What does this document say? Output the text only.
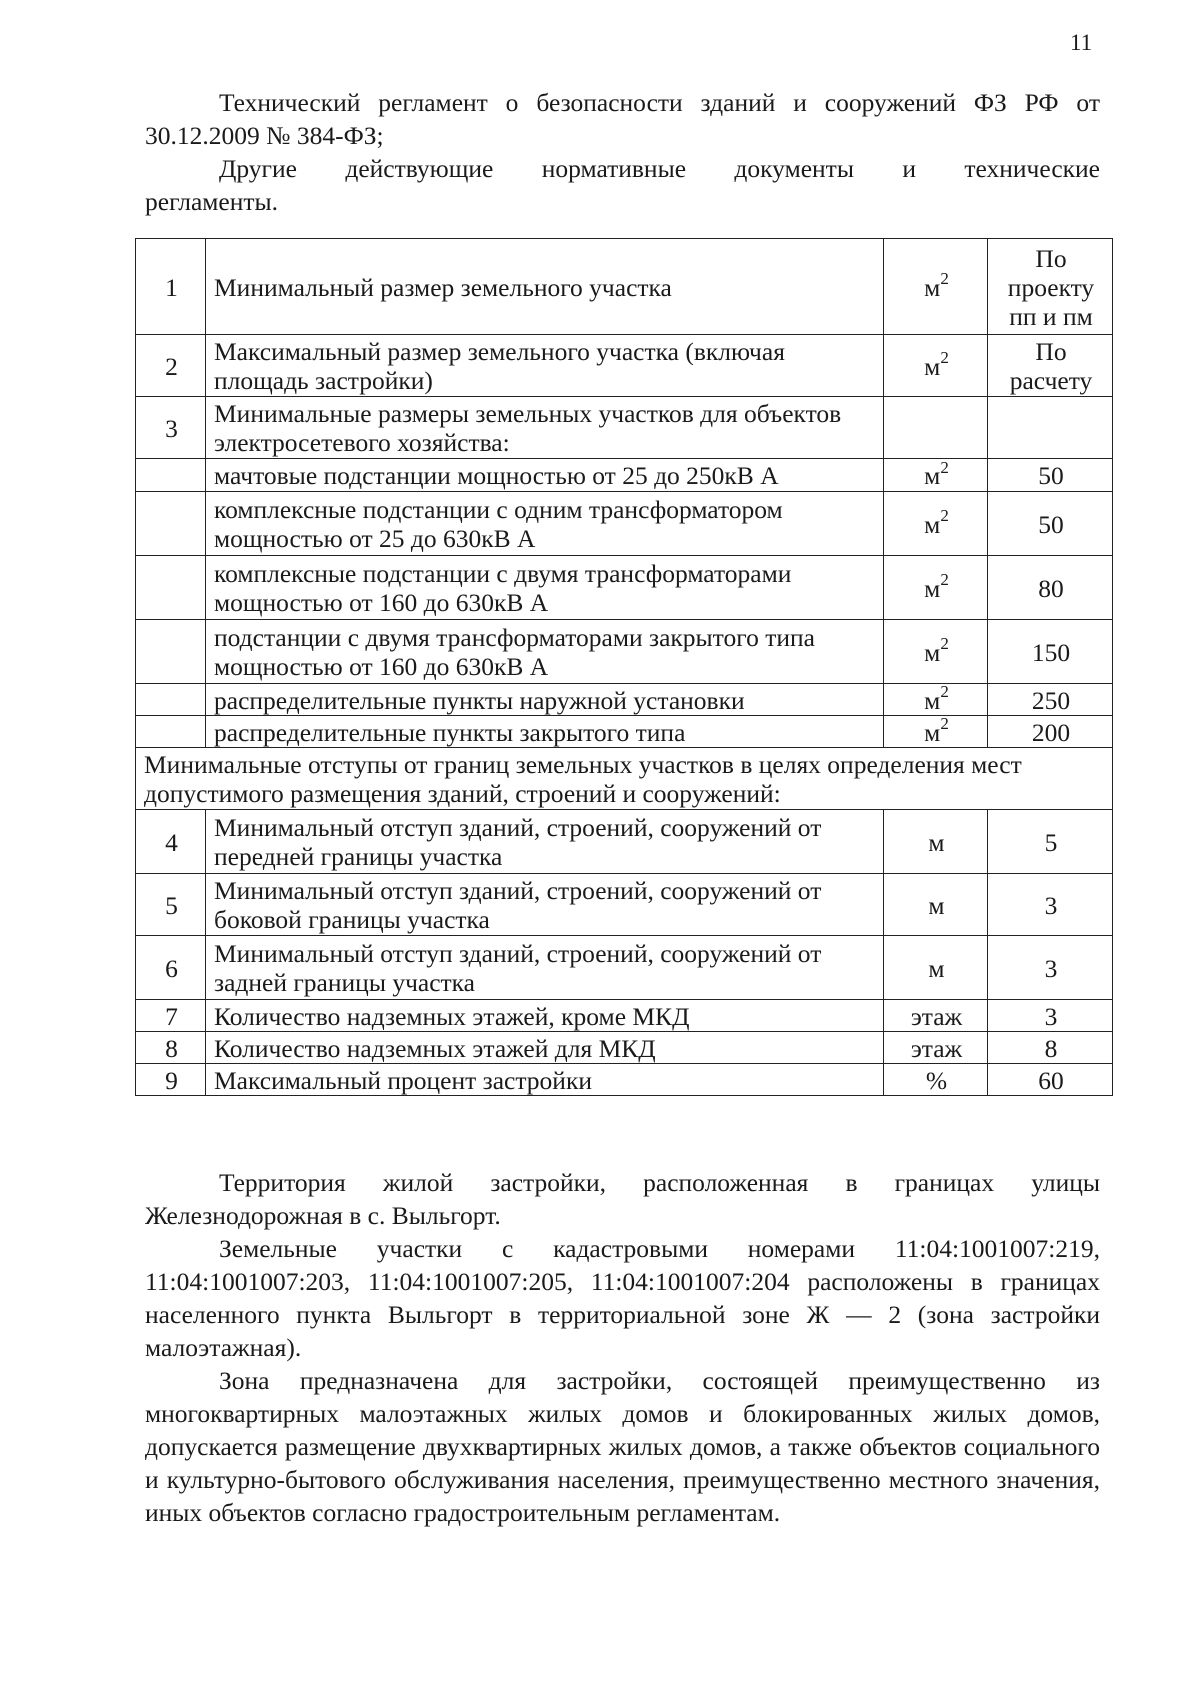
11

Технический регламент о безопасности зданий и сооружений ФЗ РФ от 30.12.2009 № 384-ФЗ;

Другие действующие нормативные документы и технические

регламенты.

1	Минимальный размер земельного участка	$м^2$	По проекту пп и пм
2	Максимальный размер земельного участка (включая площадь застройки)	$м^2$	По расчету
3	Минимальные размеры земельных участков для объектов электросетевого хозяйства:		
	мачтовые подстанции мощностью от 25 до 250кВ А	$м^2$	50
	комплексные подстанции с одним трансформатором мощностью от 25 до 630кВ А	$м^2$	50
	комплексные подстанции с двумя трансформаторами мощностью от 160 до 630кВ А	$м^2$	80
	подстанции с двумя трансформаторами закрытого типа мощностью от 160 до 630кВ А	$м^2$	150
	распределительные пункты наружной установки	$м^2$	250
	распределительные пункты закрытого типа	$м^2$	200
Минимальные отступы от границ земельных участков в целях определения мест допустимого размещения зданий, строений и сооружений:			
4	Минимальный отступ зданий, строений, сооружений от передней границы участка	м	5
5	Минимальный отступ зданий, строений, сооружений от боковой границы участка	м	3
6	Минимальный отступ зданий, строений, сооружений от задней границы участка	м	3
7	Количество надземных этажей, кроме МКД	этаж	3
8	Количество надземных этажей для МКД	этаж	8
9	Максимальный процент застройки	%	60

Территория жилой застройки, расположенная в границах улицы Железнодорожная в с. Выльгорт.

Земельные участки с кадастровыми номерами 11:04:1001007:219, 11:04:1001007:203, 11:04:1001007:205, 11:04:1001007:204 расположены в границах населенного пункта Выльгорт в территориальной зоне Ж — 2 (зона застройки малоэтажная).

Зона предназначена для застройки, состоящей преимущественно из многоквартирных малоэтажных жилых домов и блокированных жилых домов, допускается размещение двухквартирных жилых домов, а также объектов социального и культурно-бытового обслуживания населения, преимущественно местного значения, иных объектов согласно градостроительным регламентам.
